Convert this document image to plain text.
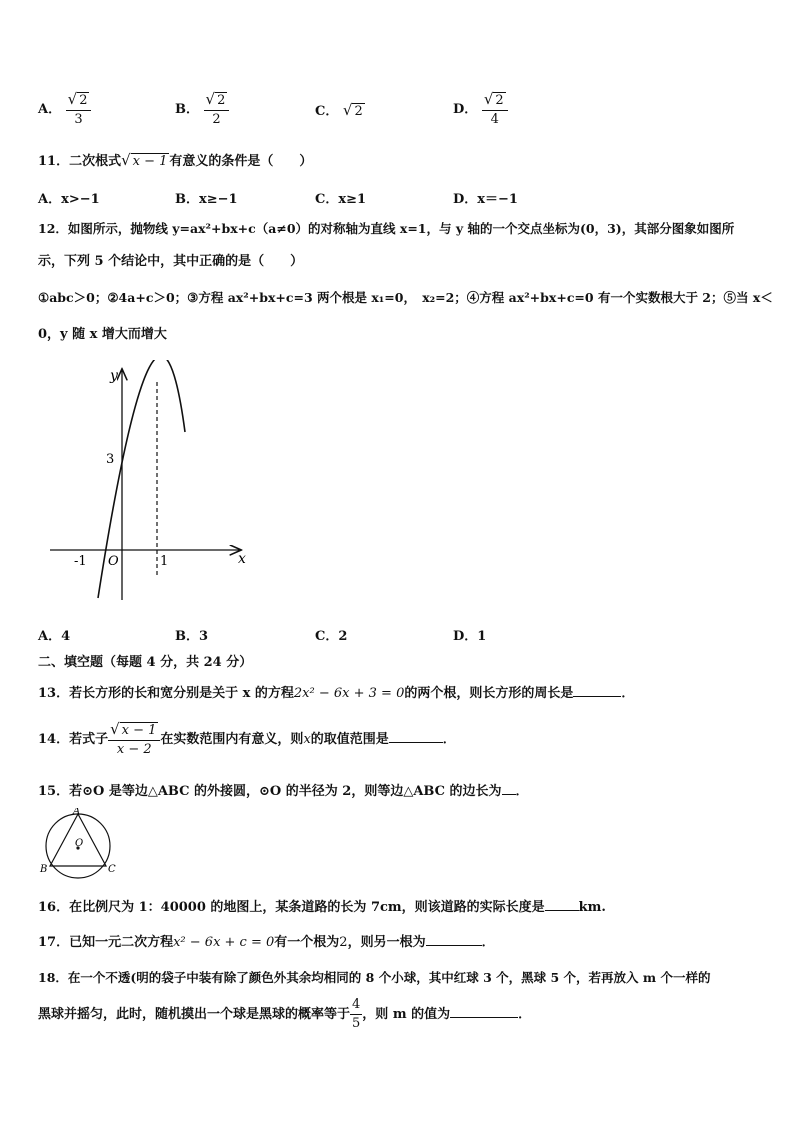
A． $\frac{√ 2}{3}$	B． $\frac{√ 2}{2}$	C． √ 2	D． $\frac{√ 2}{4}$
11．二次根式√ x − 1 有意义的条件是（　　）
A．x>−1	B．x≥−1	C．x≥1	D．x＝−1
12．如图所示，抛物线 y=ax²+bx+c（a≠0）的对称轴为直线 x=1，与 y 轴的一个交点坐标为(0，3)，其部分图象如图所
示，下列 5 个结论中，其中正确的是（　　）
①abc＞0；②4a+c＞0；③方程 ax²+bx+c=3 两个根是 x₁=0，　x₂=2；④方程 ax²+bx+c=0 有一个实数根大于 2；⑤当 x＜
0，y 随 x 增大而增大
y
x
3
-1 O	1
A．4	B．3	C．2	D．1
二、填空题（每题 4 分，共 24 分）
13．若长方形的长和宽分别是关于 x 的方程2x² − 6x + 3 = 0的两个根，则长方形的周长是	．
14．若式子 $\frac{√ x - 1}{x - 2}$ 在实数范围内有意义，则x的取值范围是	．
15．若⊙O 是等边△ABC 的外接圆，⊙O 的半径为 2，则等边△ABC 的边长为 ．
A
B	C
O
16．在比例尺为 1：40000 的地图上，某条道路的长为 7cm，则该道路的实际长度是	km.
17．已知一元二次方程x² − 6x + c = 0有一个根为2，则另一根为	．
18．在一个不透(明的袋子中装有除了颜色外其余均相同的 8 个小球，其中红球 3 个，黑球 5 个，若再放入 m 个一样的
黑球并摇匀，此时，随机摸出一个球是黑球的概率等于 $\frac{4}{5}$ ，则 m 的值为	．
